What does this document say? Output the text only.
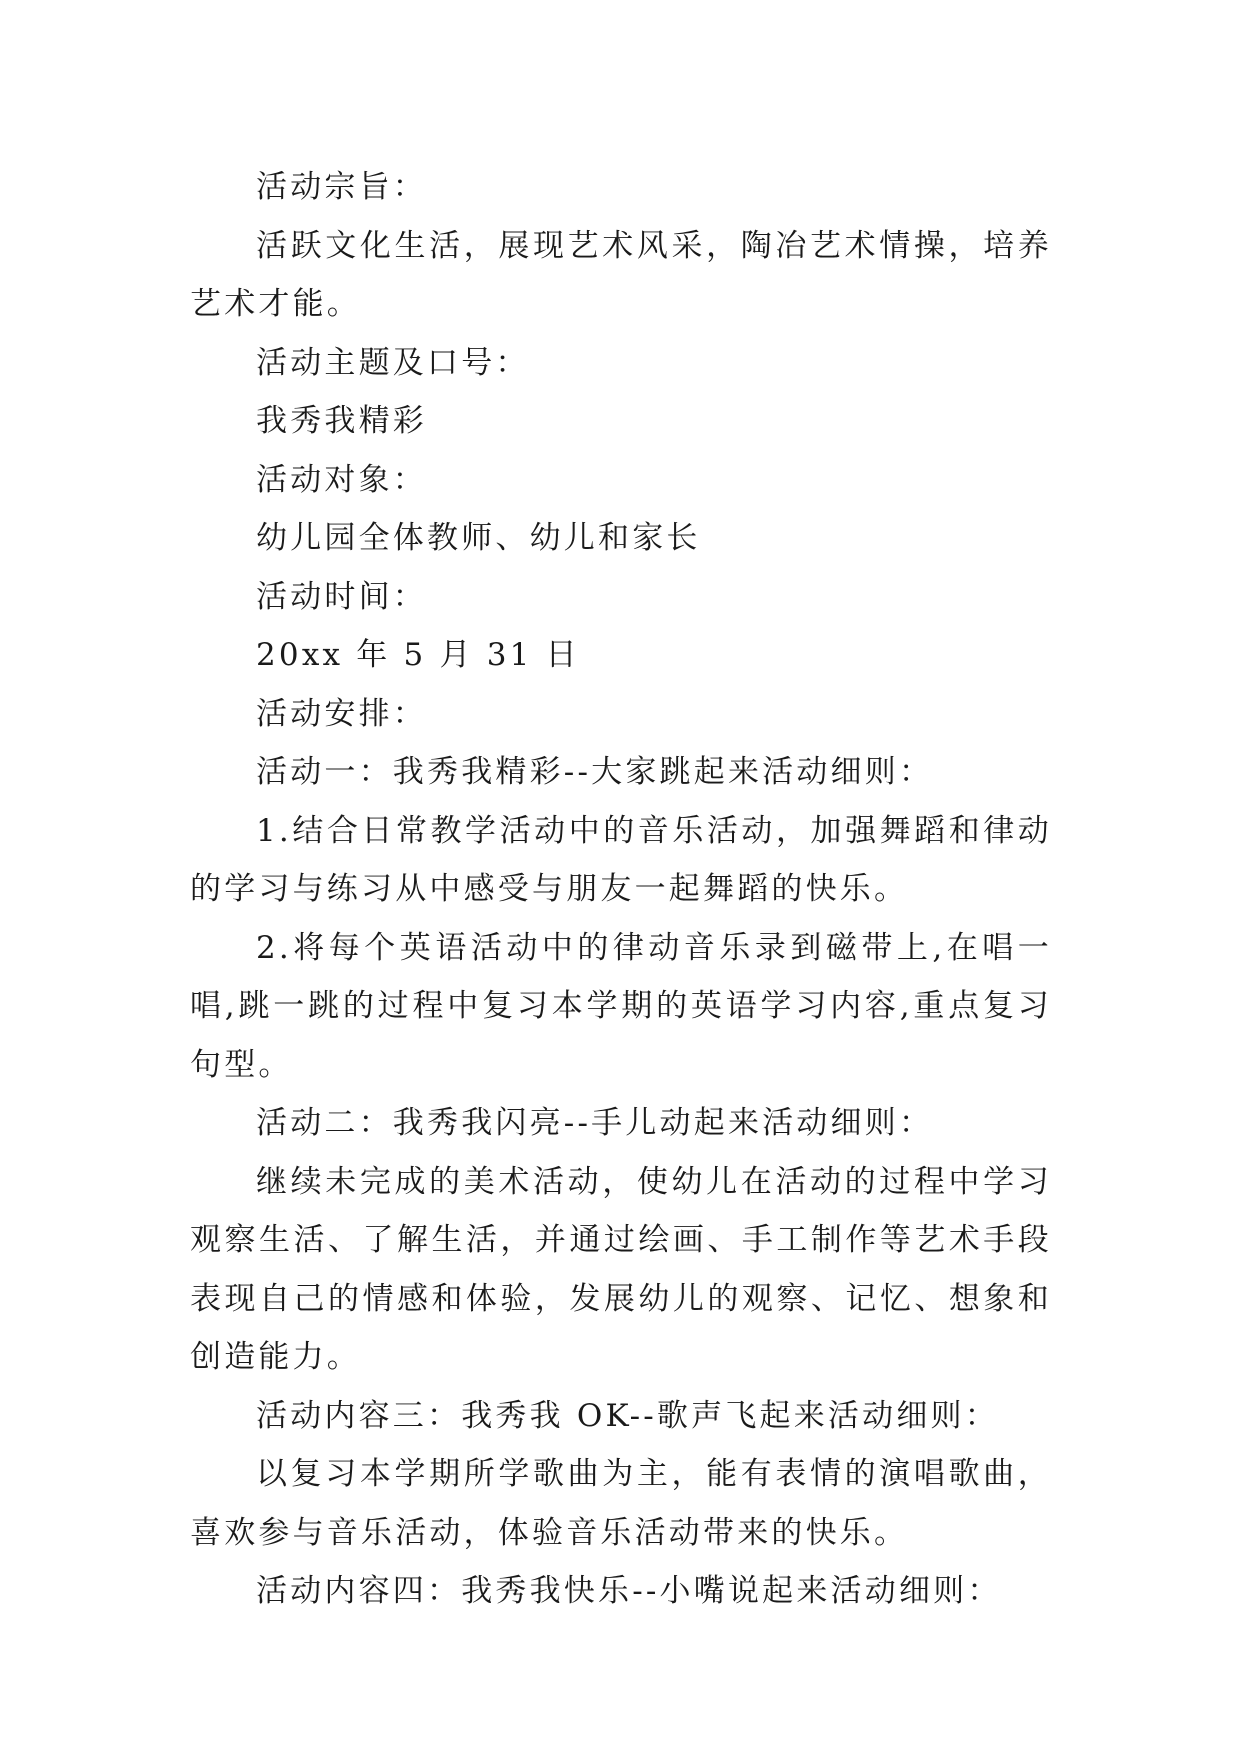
活动宗旨：

活跃文化生活，展现艺术风采，陶冶艺术情操，培养艺术才能。

活动主题及口号：

我秀我精彩

活动对象：

幼儿园全体教师、幼儿和家长

活动时间：

20xx 年 5 月 31 日

活动安排：

活动一：我秀我精彩--大家跳起来活动细则：

1.结合日常教学活动中的音乐活动，加强舞蹈和律动的学习与练习从中感受与朋友一起舞蹈的快乐。

2.将每个英语活动中的律动音乐录到磁带上,在唱一唱,跳一跳的过程中复习本学期的英语学习内容,重点复习句型。

活动二：我秀我闪亮--手儿动起来活动细则：

继续未完成的美术活动，使幼儿在活动的过程中学习观察生活、了解生活，并通过绘画、手工制作等艺术手段表现自己的情感和体验，发展幼儿的观察、记忆、想象和创造能力。

活动内容三：我秀我 OK--歌声飞起来活动细则：

以复习本学期所学歌曲为主，能有表情的演唱歌曲，喜欢参与音乐活动，体验音乐活动带来的快乐。

活动内容四：我秀我快乐--小嘴说起来活动细则：
